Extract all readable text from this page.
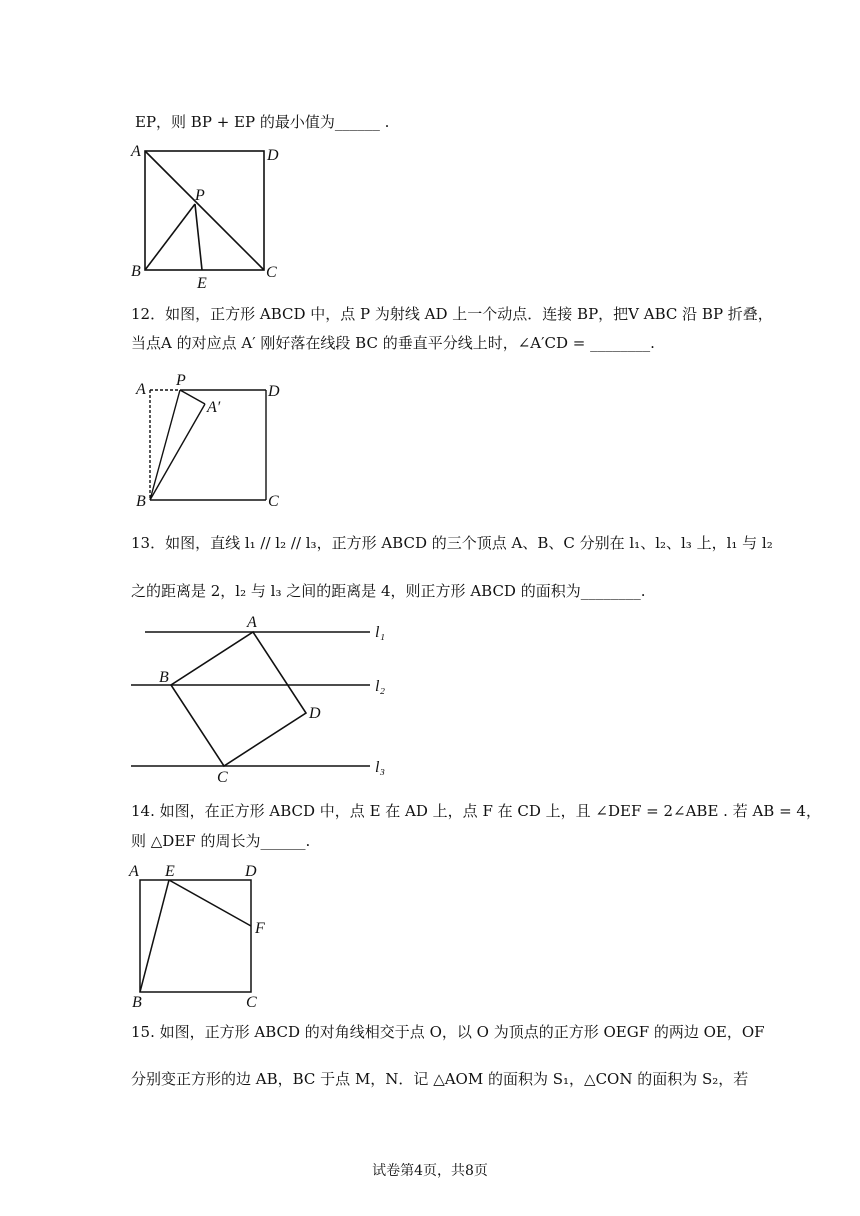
EP，则 BP + EP 的最小值为______ .
A	D
P
B
E
C
12．如图，正方形 ABCD 中，点 P 为射线 AD 上一个动点．连接 BP，把V ABC 沿 BP 折叠，
当点A 的对应点 A′ 刚好落在线段 BC 的垂直平分线上时，∠A′CD = ________.
A
P
D
A′
B	C
13．如图，直线 l₁ // l₂ // l₃，正方形 ABCD 的三个顶点 A、B、C 分别在 l₁、l₂、l₃ 上，l₁ 与 l₂
之的距离是 2，l₂ 与 l₃ 之间的距离是 4，则正方形 ABCD 的面积为________.
A
B
C
D
l₁
l₂
l₃
14. 如图，在正方形 ABCD 中，点 E 在 AD 上，点 F 在 CD 上，且 ∠DEF = 2∠ABE . 若 AB = 4，
则 △DEF 的周长为______.
A E	D
F
B	C
15. 如图，正方形 ABCD 的对角线相交于点 O，以 O 为顶点的正方形 OEGF 的两边 OE，OF
分别变正方形的边 AB，BC 于点 M，N．记 △AOM 的面积为 S₁，△CON 的面积为 S₂，若
试卷第4页，共8页
